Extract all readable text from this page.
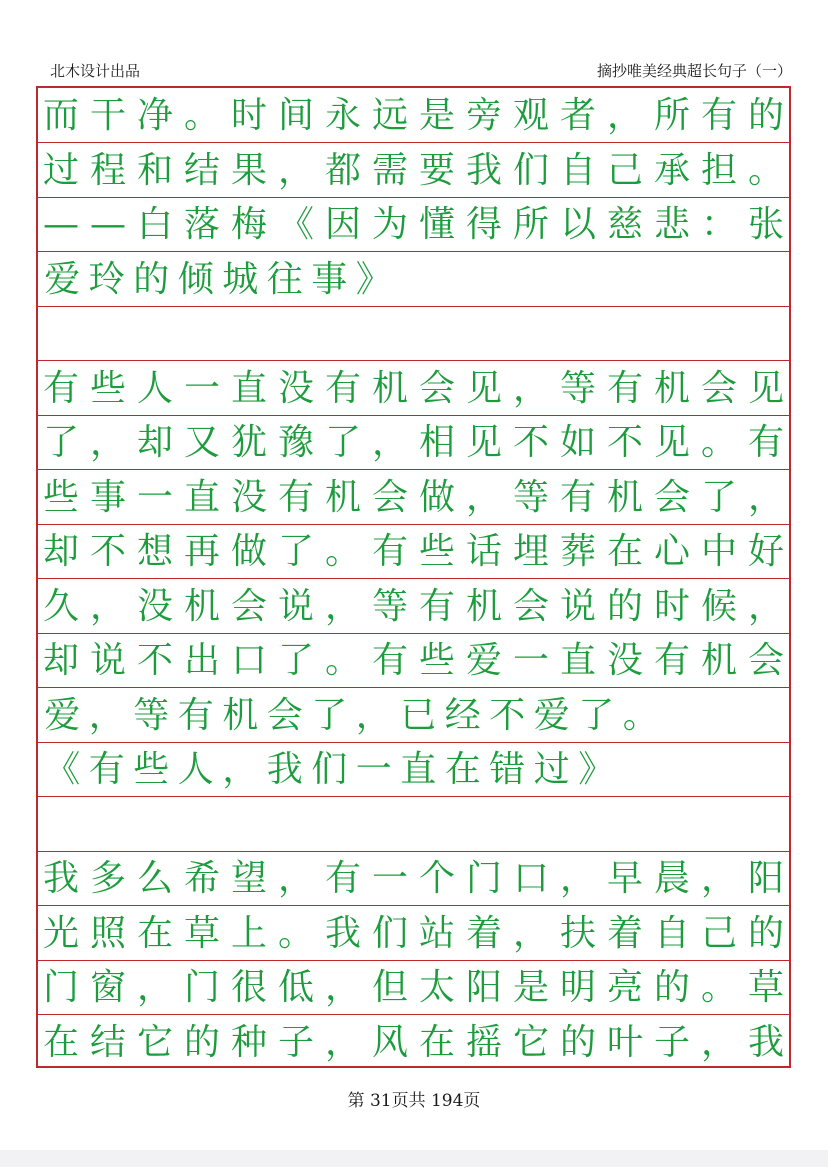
北木设计出品	摘抄唯美经典超长句子（一）
而 干 净 。 时 间 永 远 是 旁 观 者 ， 所 有 的
过 程 和 结 果 ， 都 需 要 我 们 自 己 承 担 。
— — 白 落 梅 《 因 为 懂 得 所 以 慈 悲 ： 张
爱 玲 的 倾 城 往 事 》
有 些 人 一 直 没 有 机 会 见 ， 等 有 机 会 见
了 ， 却 又 犹 豫 了 ， 相 见 不 如 不 见 。 有
些 事 一 直 没 有 机 会 做 ， 等 有 机 会 了 ，
却 不 想 再 做 了 。 有 些 话 埋 葬 在 心 中 好
久 ， 没 机 会 说 ， 等 有 机 会 说 的 时 候 ，
却 说 不 出 口 了 。 有 些 爱 一 直 没 有 机 会
爱 ， 等 有 机 会 了 ， 已 经 不 爱 了 。
《 有 些 人 ， 我 们 一 直 在 错 过 》
我 多 么 希 望 ， 有 一 个 门 口 ， 早 晨 ， 阳
光 照 在 草 上 。 我 们 站 着 ， 扶 着 自 己 的
门 窗 ， 门 很 低 ， 但 太 阳 是 明 亮 的 。 草
在 结 它 的 种 子 ， 风 在 摇 它 的 叶 子 ， 我
第 31页共 194页
